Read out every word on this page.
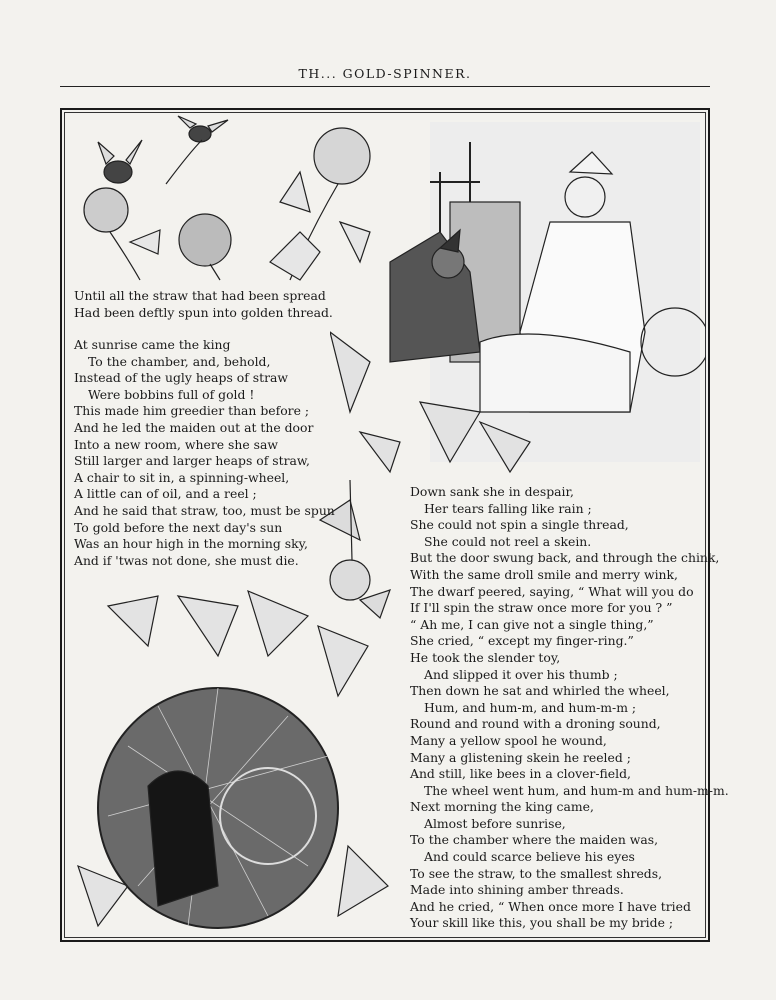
TH... GOLD-SPINNER.
Until all the straw that had been spread
Had been deftly spun into golden thread.
At sunrise came the king
To the chamber, and, behold,
Instead of the ugly heaps of straw
Were bobbins full of gold !
This made him greedier than before ;
And he led the maiden out at the door
Into a new room, where she saw
Still larger and larger heaps of straw,
A chair to sit in, a spinning-wheel,
A little can of oil, and a reel ;
And he said that straw, too, must be spun
To gold before the next day's sun
Was an hour high in the morning sky,
And if 'twas not done, she must die.
Down sank she in despair,
Her tears falling like rain ;
She could not spin a single thread,
She could not reel a skein.
But the door swung back, and through the chink,
With the same droll smile and merry wink,
The dwarf peered, saying, “ What will you do
If I'll spin the straw once more for you ? ”
“ Ah me, I can give not a single thing,”
She cried, “ except my finger-ring.”
He took the slender toy,
And slipped it over his thumb ;
Then down he sat and whirled the wheel,
Hum, and hum-m, and hum-m-m ;
Round and round with a droning sound,
Many a yellow spool he wound,
Many a glistening skein he reeled ;
And still, like bees in a clover-field,
The wheel went hum, and hum-m and hum-m-m.
Next morning the king came,
Almost before sunrise,
To the chamber where the maiden was,
And could scarce believe his eyes
To see the straw, to the smallest shreds,
Made into shining amber threads.
And he cried, “ When once more I have tried
Your skill like this, you shall be my bride ;
